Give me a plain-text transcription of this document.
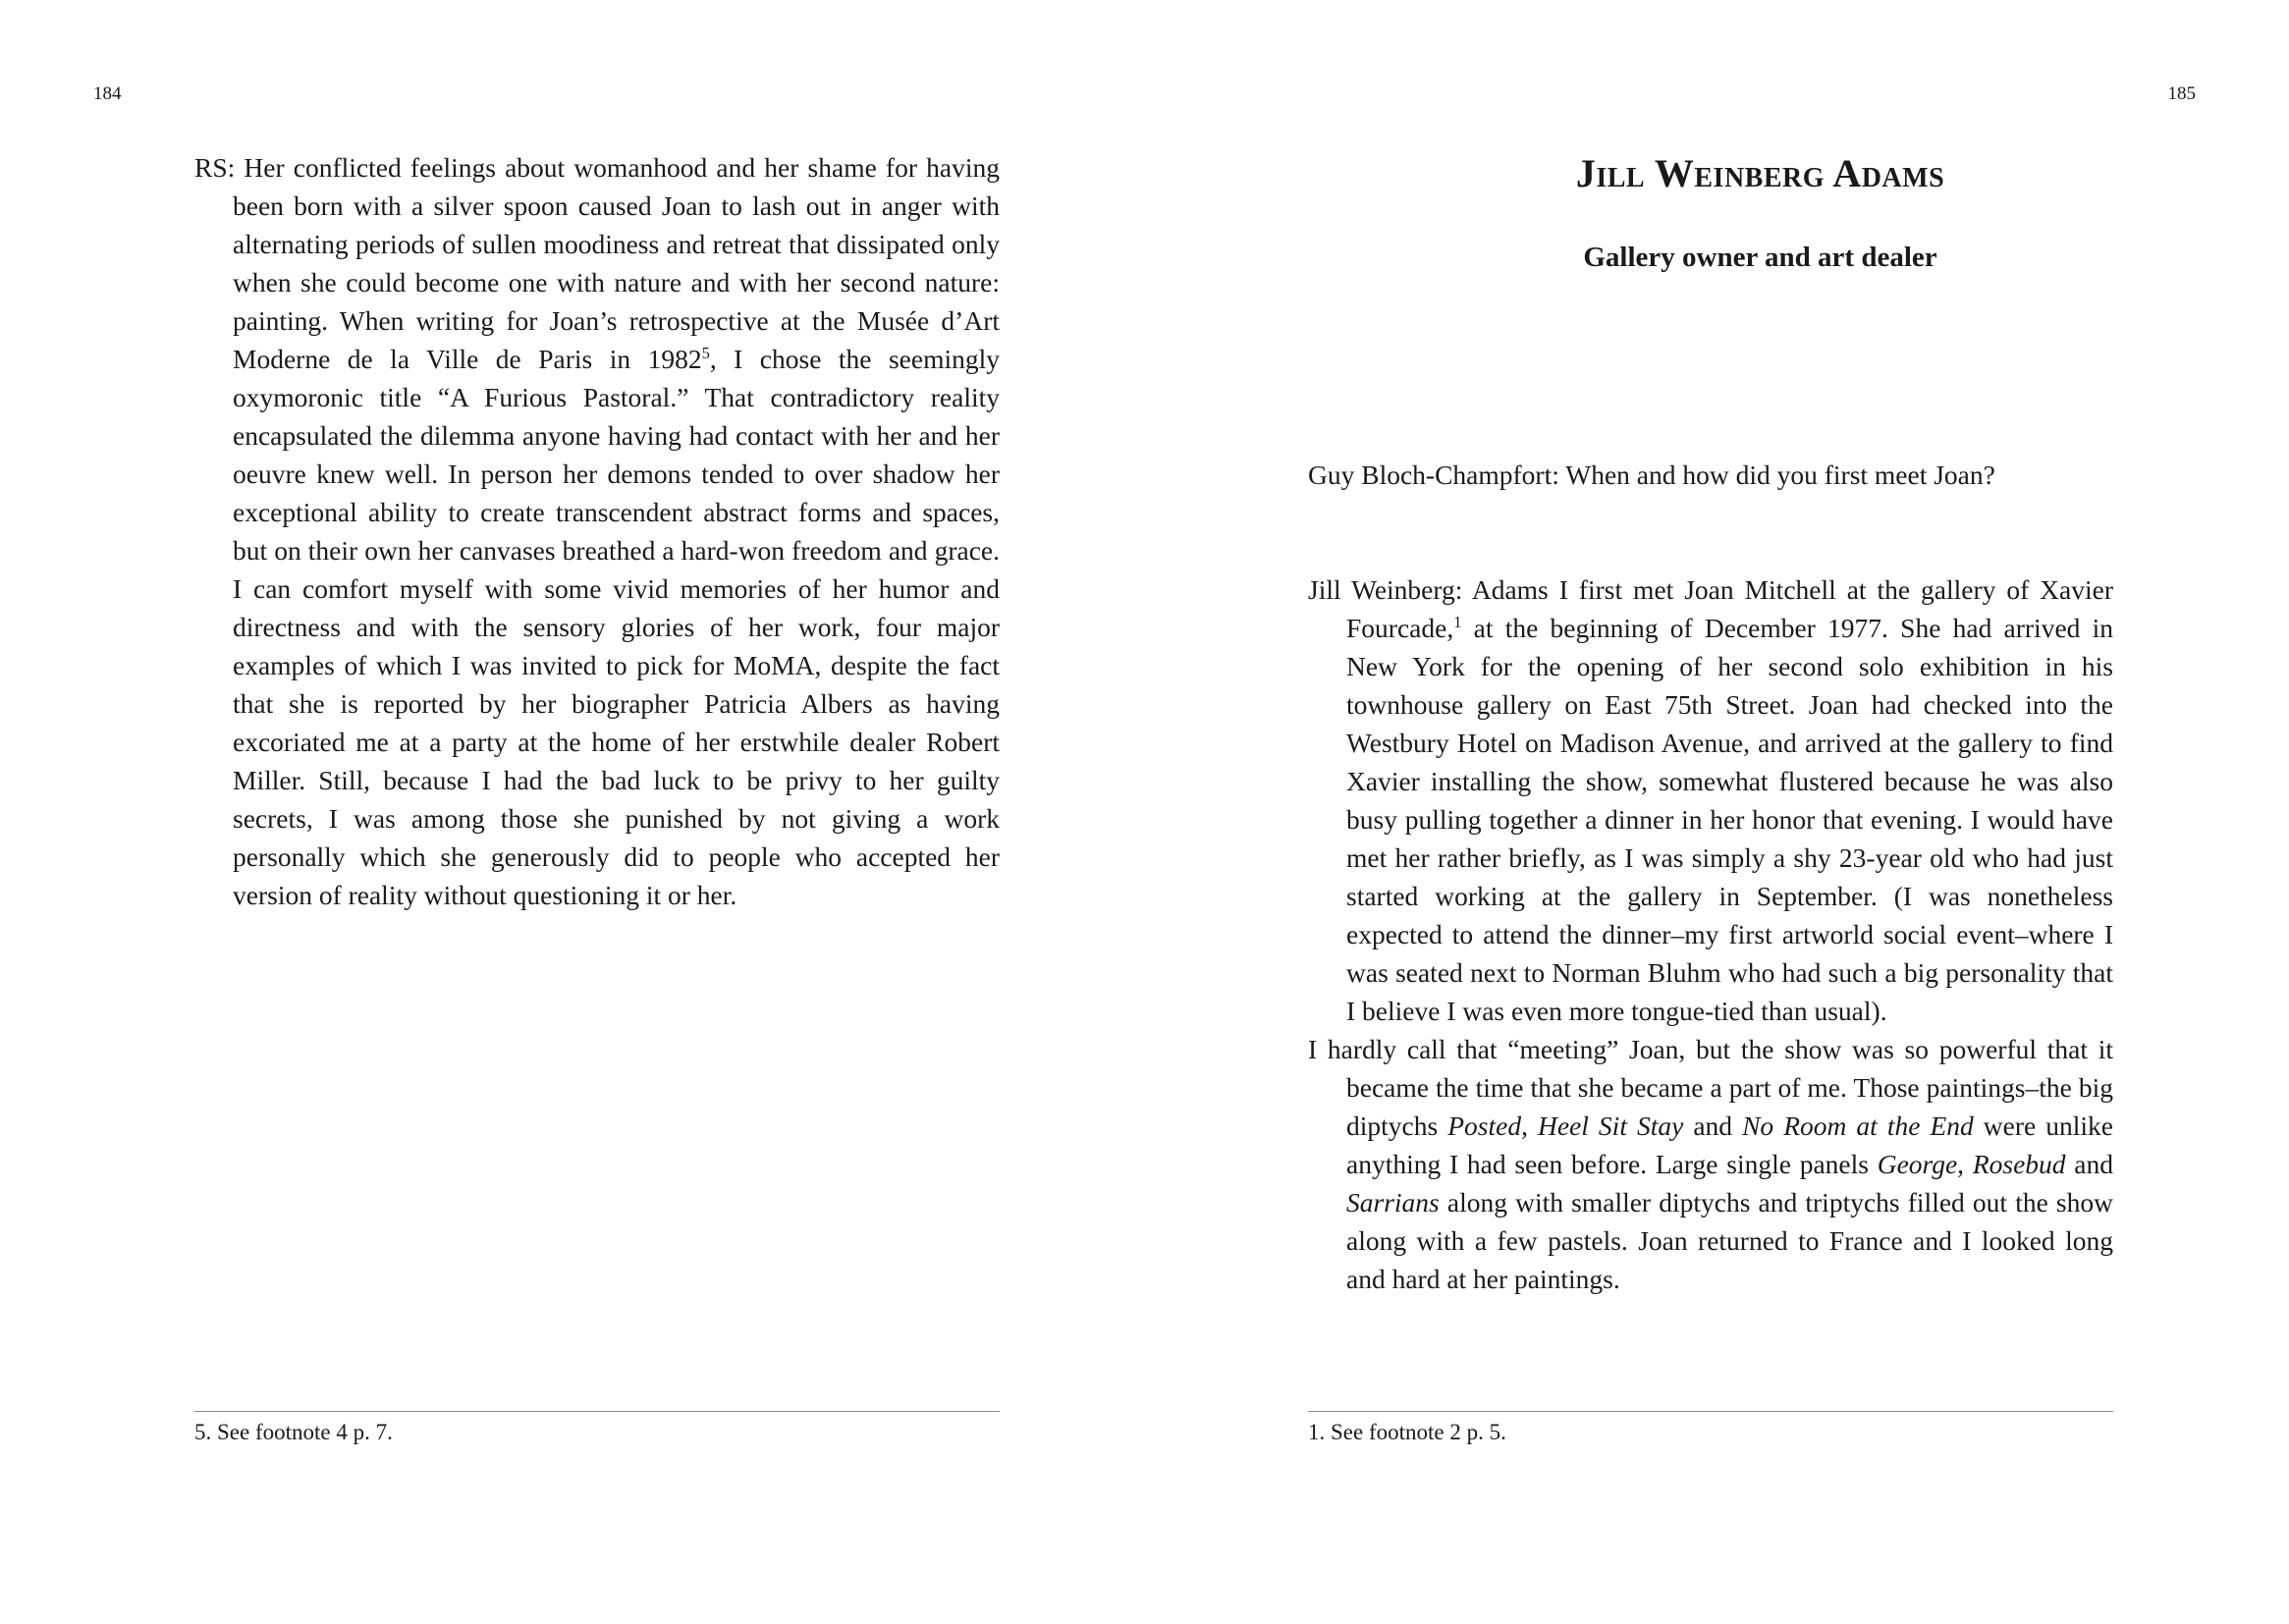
184

RS: Her conflicted feelings about womanhood and her shame for having been born with a silver spoon caused Joan to lash out in anger with alternating periods of sullen moodiness and retreat that dissipated only when she could become one with nature and with her second nature: painting. When writing for Joan’s retrospective at the Musée d’Art Moderne de la Ville de Paris in 1982$^5$, I chose the seemingly oxymoronic title “A Furious Pastoral.” That contradictory reality encapsulated the dilemma anyone having had contact with her and her oeuvre knew well. In person her demons tended to over shadow her exceptional ability to create transcendent abstract forms and spaces, but on their own her canvases breathed a hard-won freedom and grace. I can comfort myself with some vivid memories of her humor and directness and with the sensory glories of her work, four major examples of which I was invited to pick for MoMA, despite the fact that she is reported by her biographer Patricia Albers as having excoriated me at a party at the home of her erstwhile dealer Robert Miller. Still, because I had the bad luck to be privy to her guilty secrets, I was among those she punished by not giving a work personally which she generously did to people who accepted her version of reality without questioning it or her.

5. See footnote 4 p. 7.

185
Jill Weinberg Adams
Gallery owner and art dealer

Guy Bloch-Champfort: When and how did you first meet Joan?

Jill Weinberg: Adams I first met Joan Mitchell at the gallery of Xavier Fourcade,$^1$ at the beginning of December 1977. She had arrived in New York for the opening of her second solo exhibition in his townhouse gallery on East 75th Street. Joan had checked into the Westbury Hotel on Madison Avenue, and arrived at the gallery to find Xavier installing the show, somewhat flustered because he was also busy pulling together a dinner in her honor that evening. I would have met her rather briefly, as I was simply a shy 23-year old who had just started working at the gallery in September. (I was nonetheless expected to attend the dinner–my first artworld social event–where I was seated next to Norman Bluhm who had such a big personality that I believe I was even more tongue-tied than usual).

I hardly call that “meeting” Joan, but the show was so powerful that it became the time that she became a part of me. Those paintings–the big diptychs Posted, Heel Sit Stay and No Room at the End were unlike anything I had seen before. Large single panels George, Rosebud and Sarrians along with smaller diptychs and triptychs filled out the show along with a few pastels. Joan returned to France and I looked long and hard at her paintings.

1. See footnote 2 p. 5.
